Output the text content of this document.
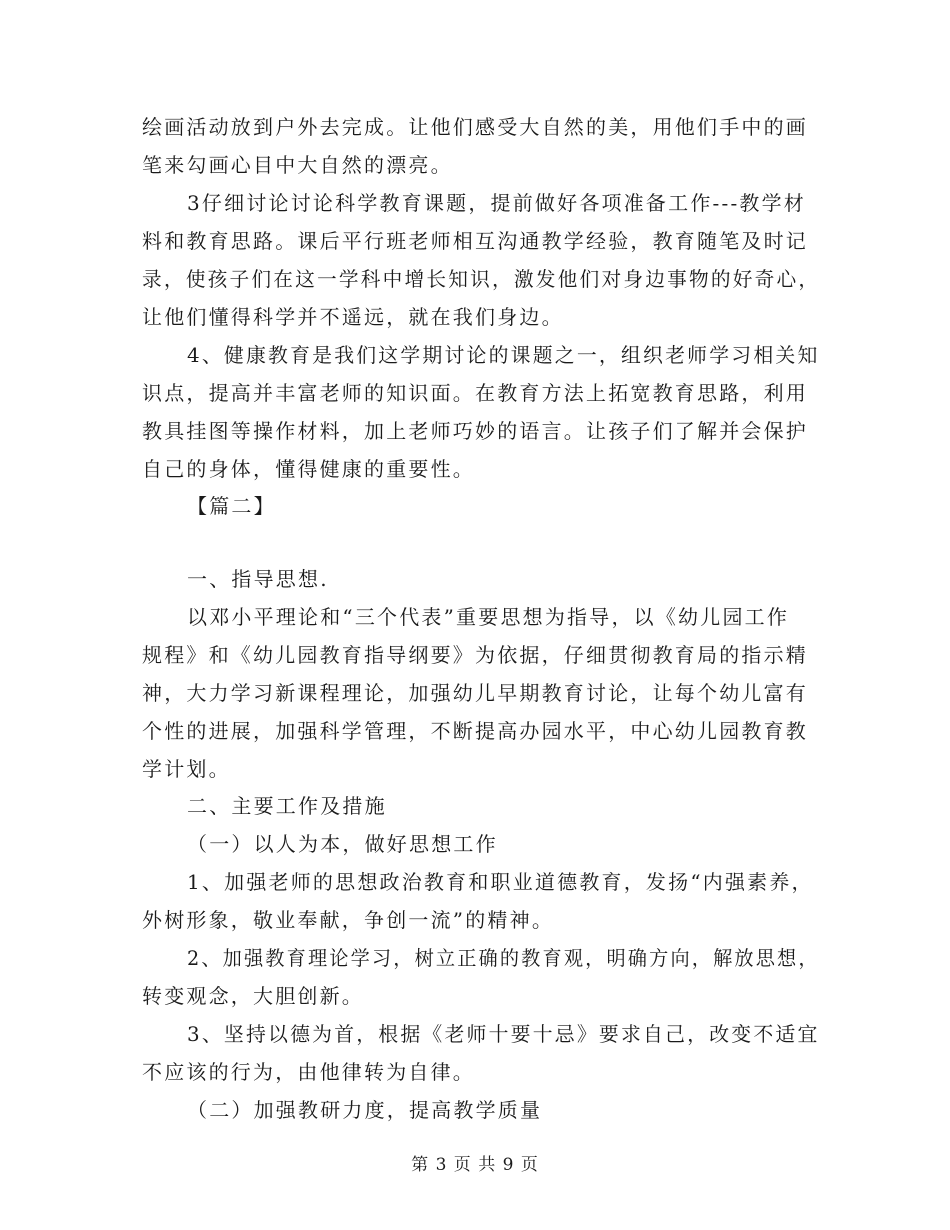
绘画活动放到户外去完成。让他们感受大自然的美，用他们手中的画
笔来勾画心目中大自然的漂亮。
3仔细讨论讨论科学教育课题，提前做好各项准备工作---教学材
料和教育思路。课后平行班老师相互沟通教学经验，教育随笔及时记
录，使孩子们在这一学科中增长知识，激发他们对身边事物的好奇心，
让他们懂得科学并不遥远，就在我们身边。
4、健康教育是我们这学期讨论的课题之一，组织老师学习相关知
识点，提高并丰富老师的知识面。在教育方法上拓宽教育思路，利用
教具挂图等操作材料，加上老师巧妙的语言。让孩子们了解并会保护
自己的身体，懂得健康的重要性。
【篇二】
一、指导思想.
以邓小平理论和“三个代表”重要思想为指导，以《幼儿园工作
规程》和《幼儿园教育指导纲要》为依据，仔细贯彻教育局的指示精
神，大力学习新课程理论，加强幼儿早期教育讨论，让每个幼儿富有
个性的进展，加强科学管理，不断提高办园水平，中心幼儿园教育教
学计划。
二、主要工作及措施
（一）以人为本，做好思想工作
1、加强老师的思想政治教育和职业道德教育，发扬“内强素养，
外树形象，敬业奉献，争创一流”的精神。
2、加强教育理论学习，树立正确的教育观，明确方向，解放思想，
转变观念，大胆创新。
3、坚持以德为首，根据《老师十要十忌》要求自己，改变不适宜
不应该的行为，由他律转为自律。
（二）加强教研力度，提高教学质量
第 3 页 共 9 页
